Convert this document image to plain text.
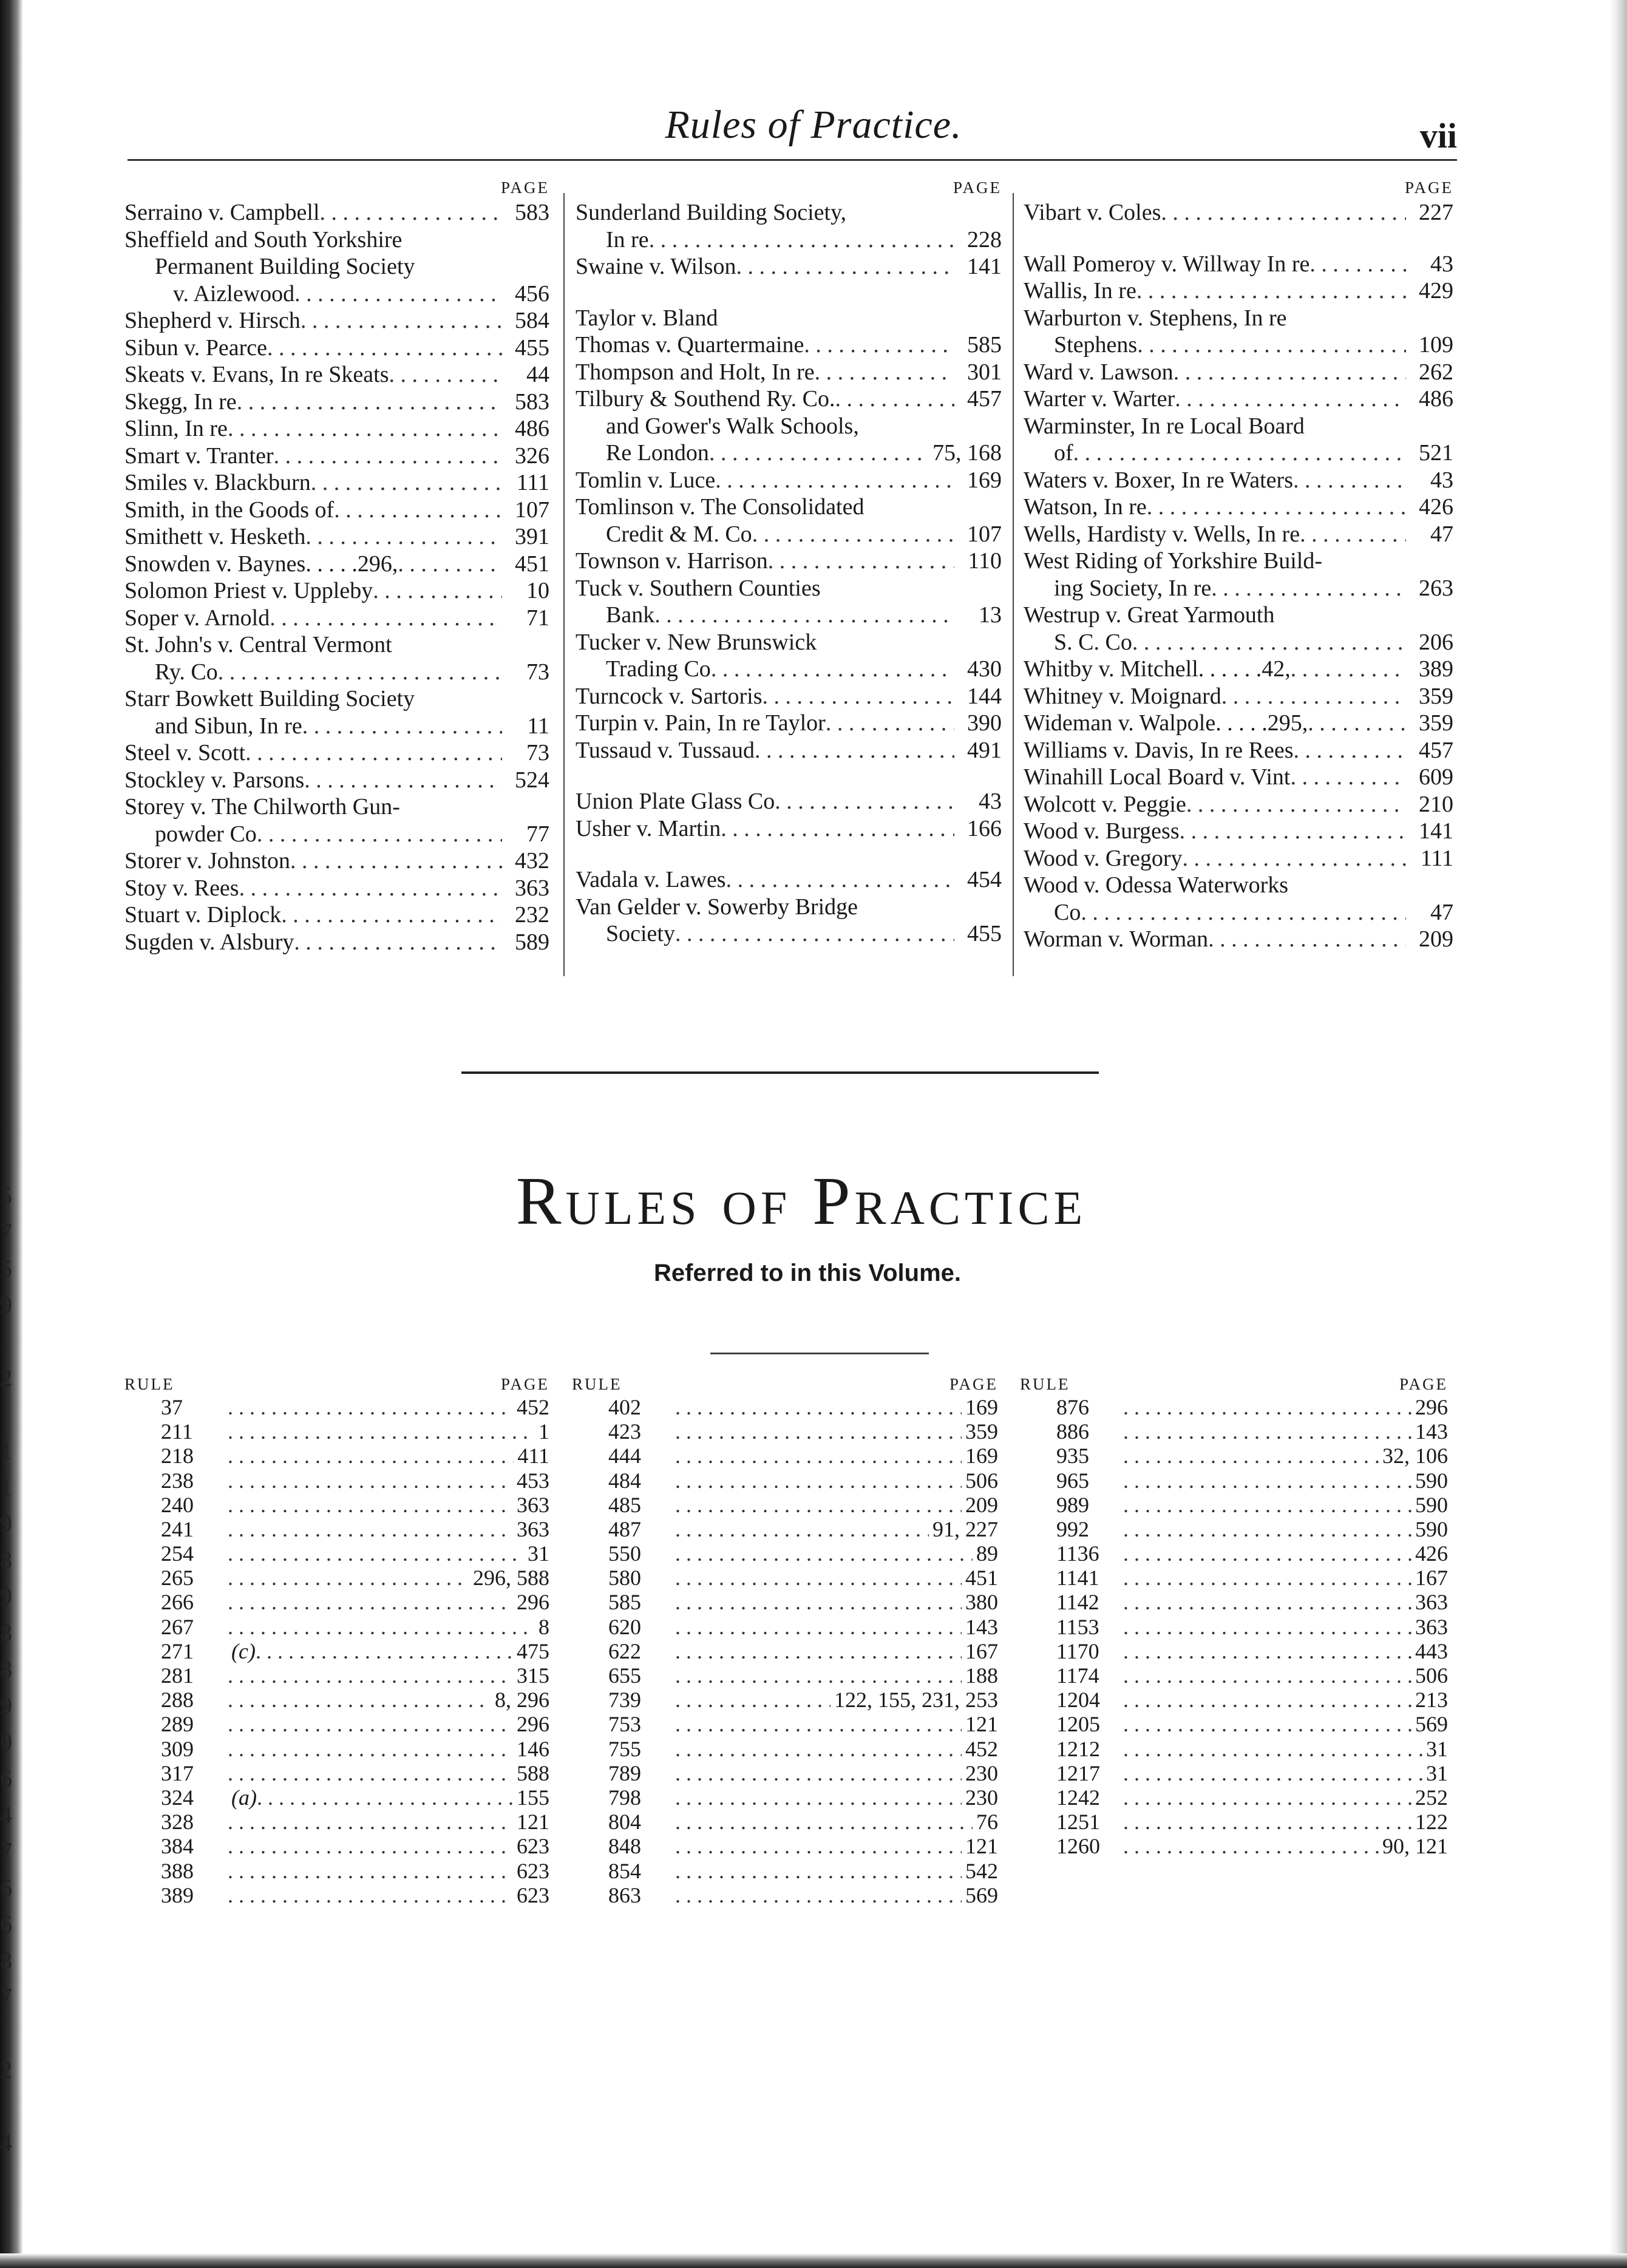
5
7
5
9
2
1
1
9
8
9
8
8
9
0
6
4
7
6
6
8
7
2
4
Rules of Practice.	vii
PAGE
Serraino v. Campbell . . .	583
Sheffield and South Yorkshire
Permanent Building Society
v. Aizlewood . . .	456
Shepherd v. Hirsch . . .	584
Sibun v. Pearce . . .	455
Skeats v. Evans, In re Skeats . . .	44
Skegg, In re . . .	583
Slinn, In re . . .	486
Smart v. Tranter . . .	326
Smiles v. Blackburn . . .	111
Smith, in the Goods of . . .	107
Smithett v. Hesketh . . .	391
Snowden v. Baynes. . . . .296, . . .	451
Solomon Priest v. Uppleby . . .	10
Soper v. Arnold . . .	71
St. John's v. Central Vermont
Ry. Co . . .	73
Starr Bowkett Building Society
and Sibun, In re . . .	11
Steel v. Scott . . .	73
Stockley v. Parsons . . .	524
Storey v. The Chilworth Gun-
powder Co . . .	77
Storer v. Johnston . . .	432
Stoy v. Rees . . .	363
Stuart v. Diplock . . .	232
Sugden v. Alsbury . . .	589
PAGE
Sunderland Building Society,
In re . . .	228
Swaine v. Wilson . . .	141
Taylor v. Bland
Thomas v. Quartermaine . . .	585
Thompson and Holt, In re . . .	301
Tilbury & Southend Ry. Co. . . .	457
and Gower's Walk Schools,
Re London . . .	75, 168
Tomlin v. Luce . . .	169
Tomlinson v. The Consolidated
Credit & M. Co . . .	107
Townson v. Harrison . . .	110
Tuck v. Southern Counties
Bank . . .	13
Tucker v. New Brunswick
Trading Co . . .	430
Turncock v. Sartoris . . .	144
Turpin v. Pain, In re Taylor . . .	390
Tussaud v. Tussaud . . .	491
Union Plate Glass Co . . .	43
Usher v. Martin . . .	166
Vadala v. Lawes . . .	454
Van Gelder v. Sowerby Bridge
Society . . .	455
PAGE
Vibart v. Coles . . .	227
Wall Pomeroy v. Willway In re . . .	43
Wallis, In re . . .	429
Warburton v. Stephens, In re
Stephens . . .	109
Ward v. Lawson . . .	262
Warter v. Warter . . .	486
Warminster, In re Local Board
of . . .	521
Waters v. Boxer, In re Waters . . .	43
Watson, In re . . .	426
Wells, Hardisty v. Wells, In re . . .	47
West Riding of Yorkshire Build-
ing Society, In re . . .	263
Westrup v. Great Yarmouth
S. C. Co . . .	206
Whitby v. Mitchell. . . . . .42, . . .	389
Whitney v. Moignard . . .	359
Wideman v. Walpole. . . . .295, . . .	359
Williams v. Davis, In re Rees . . .	457
Winahill Local Board v. Vint . . .	609
Wolcott v. Peggie . . .	210
Wood v. Burgess . . .	141
Wood v. Gregory . . .	111
Wood v. Odessa Waterworks
Co . . .	47
Worman v. Worman . . .	209
Rules of Practice
Referred to in this Volume.
RULE	PAGE
37 . . .	452
211 . . .	1
218 . . .	411
238 . . .	453
240 . . .	363
241 . . .	363
254 . . .	31
265 . . .	296, 588
266 . . .	296
267 . . .	8
271	(c) . . .	475
281 . . .	315
288 . . .	8, 296
289 . . .	296
309 . . .	146
317 . . .	588
324	(a) . . .	155
328 . . .	121
384 . . .	623
388 . . .	623
389 . . .	623
RULE	PAGE
402 . . .	169
423 . . .	359
444 . . .	169
484 . . .	506
485 . . .	209
487 . . .	91, 227
550 . . .	89
580 . . .	451
585 . . .	380
620 . . .	143
622 . . .	167
655 . . .	188
739 . . .	122, 155, 231, 253
753 . . .	121
755 . . .	452
789 . . .	230
798 . . .	230
804 . . .	76
848 . . .	121
854 . . .	542
863 . . .	569
RULE	PAGE
876 . . .	296
886 . . .	143
935 . . .	32, 106
965 . . .	590
989 . . .	590
992 . . .	590
1136 . . .	426
1141 . . .	167
1142 . . .	363
1153 . . .	363
1170 . . .	443
1174 . . .	506
1204 . . .	213
1205 . . .	569
1212 . . .	31
1217 . . .	31
1242 . . .	252
1251 . . .	122
1260 . . .	90, 121
